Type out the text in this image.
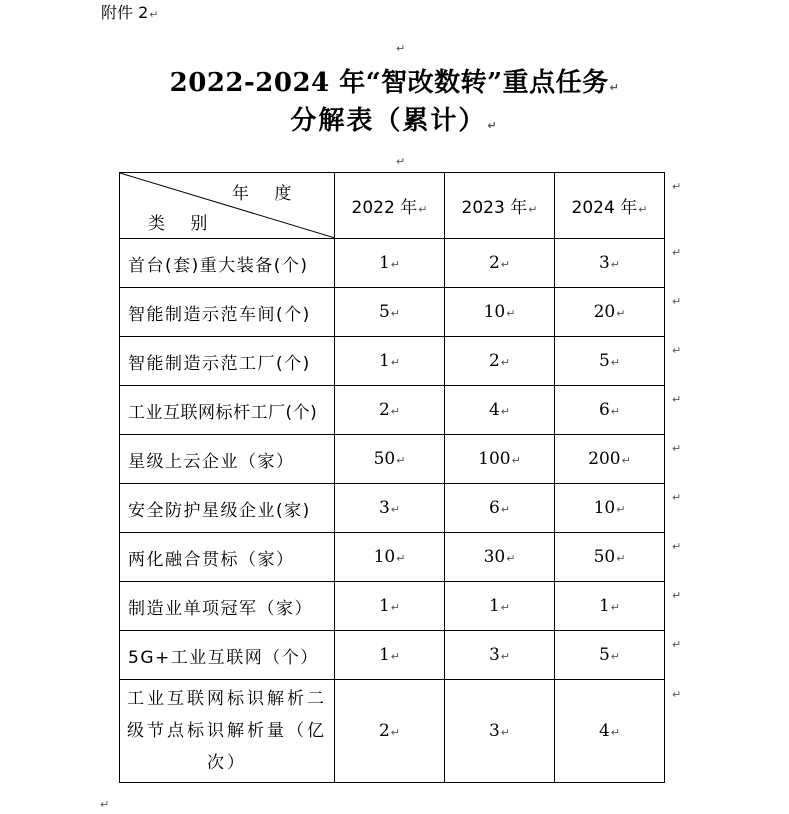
附件 2↵
↵
2022-2024 年“智改数转”重点任务↵
分解表（累计）↵
↵
年 度
类 别	2022 年↵	2023 年↵	2024 年↵
首台(套)重大装备(个)	1↵	2↵	3↵
智能制造示范车间(个)	5↵	10↵	20↵
智能制造示范工厂(个)	1↵	2↵	5↵
工业互联网标杆工厂(个)	2↵	4↵	6↵
星级上云企业（家）	50↵	100↵	200↵
安全防护星级企业(家)	3↵	6↵	10↵
两化融合贯标（家）	10↵	30↵	50↵
制造业单项冠军（家）	1↵	1↵	1↵
5G+工业互联网（个）	1↵	3↵	5↵
工业互联网标识解析二级节点标识解析量（亿次）	2↵	3↵	4↵
↵
↵
↵
↵
↵
↵
↵
↵
↵
↵
↵
↵
